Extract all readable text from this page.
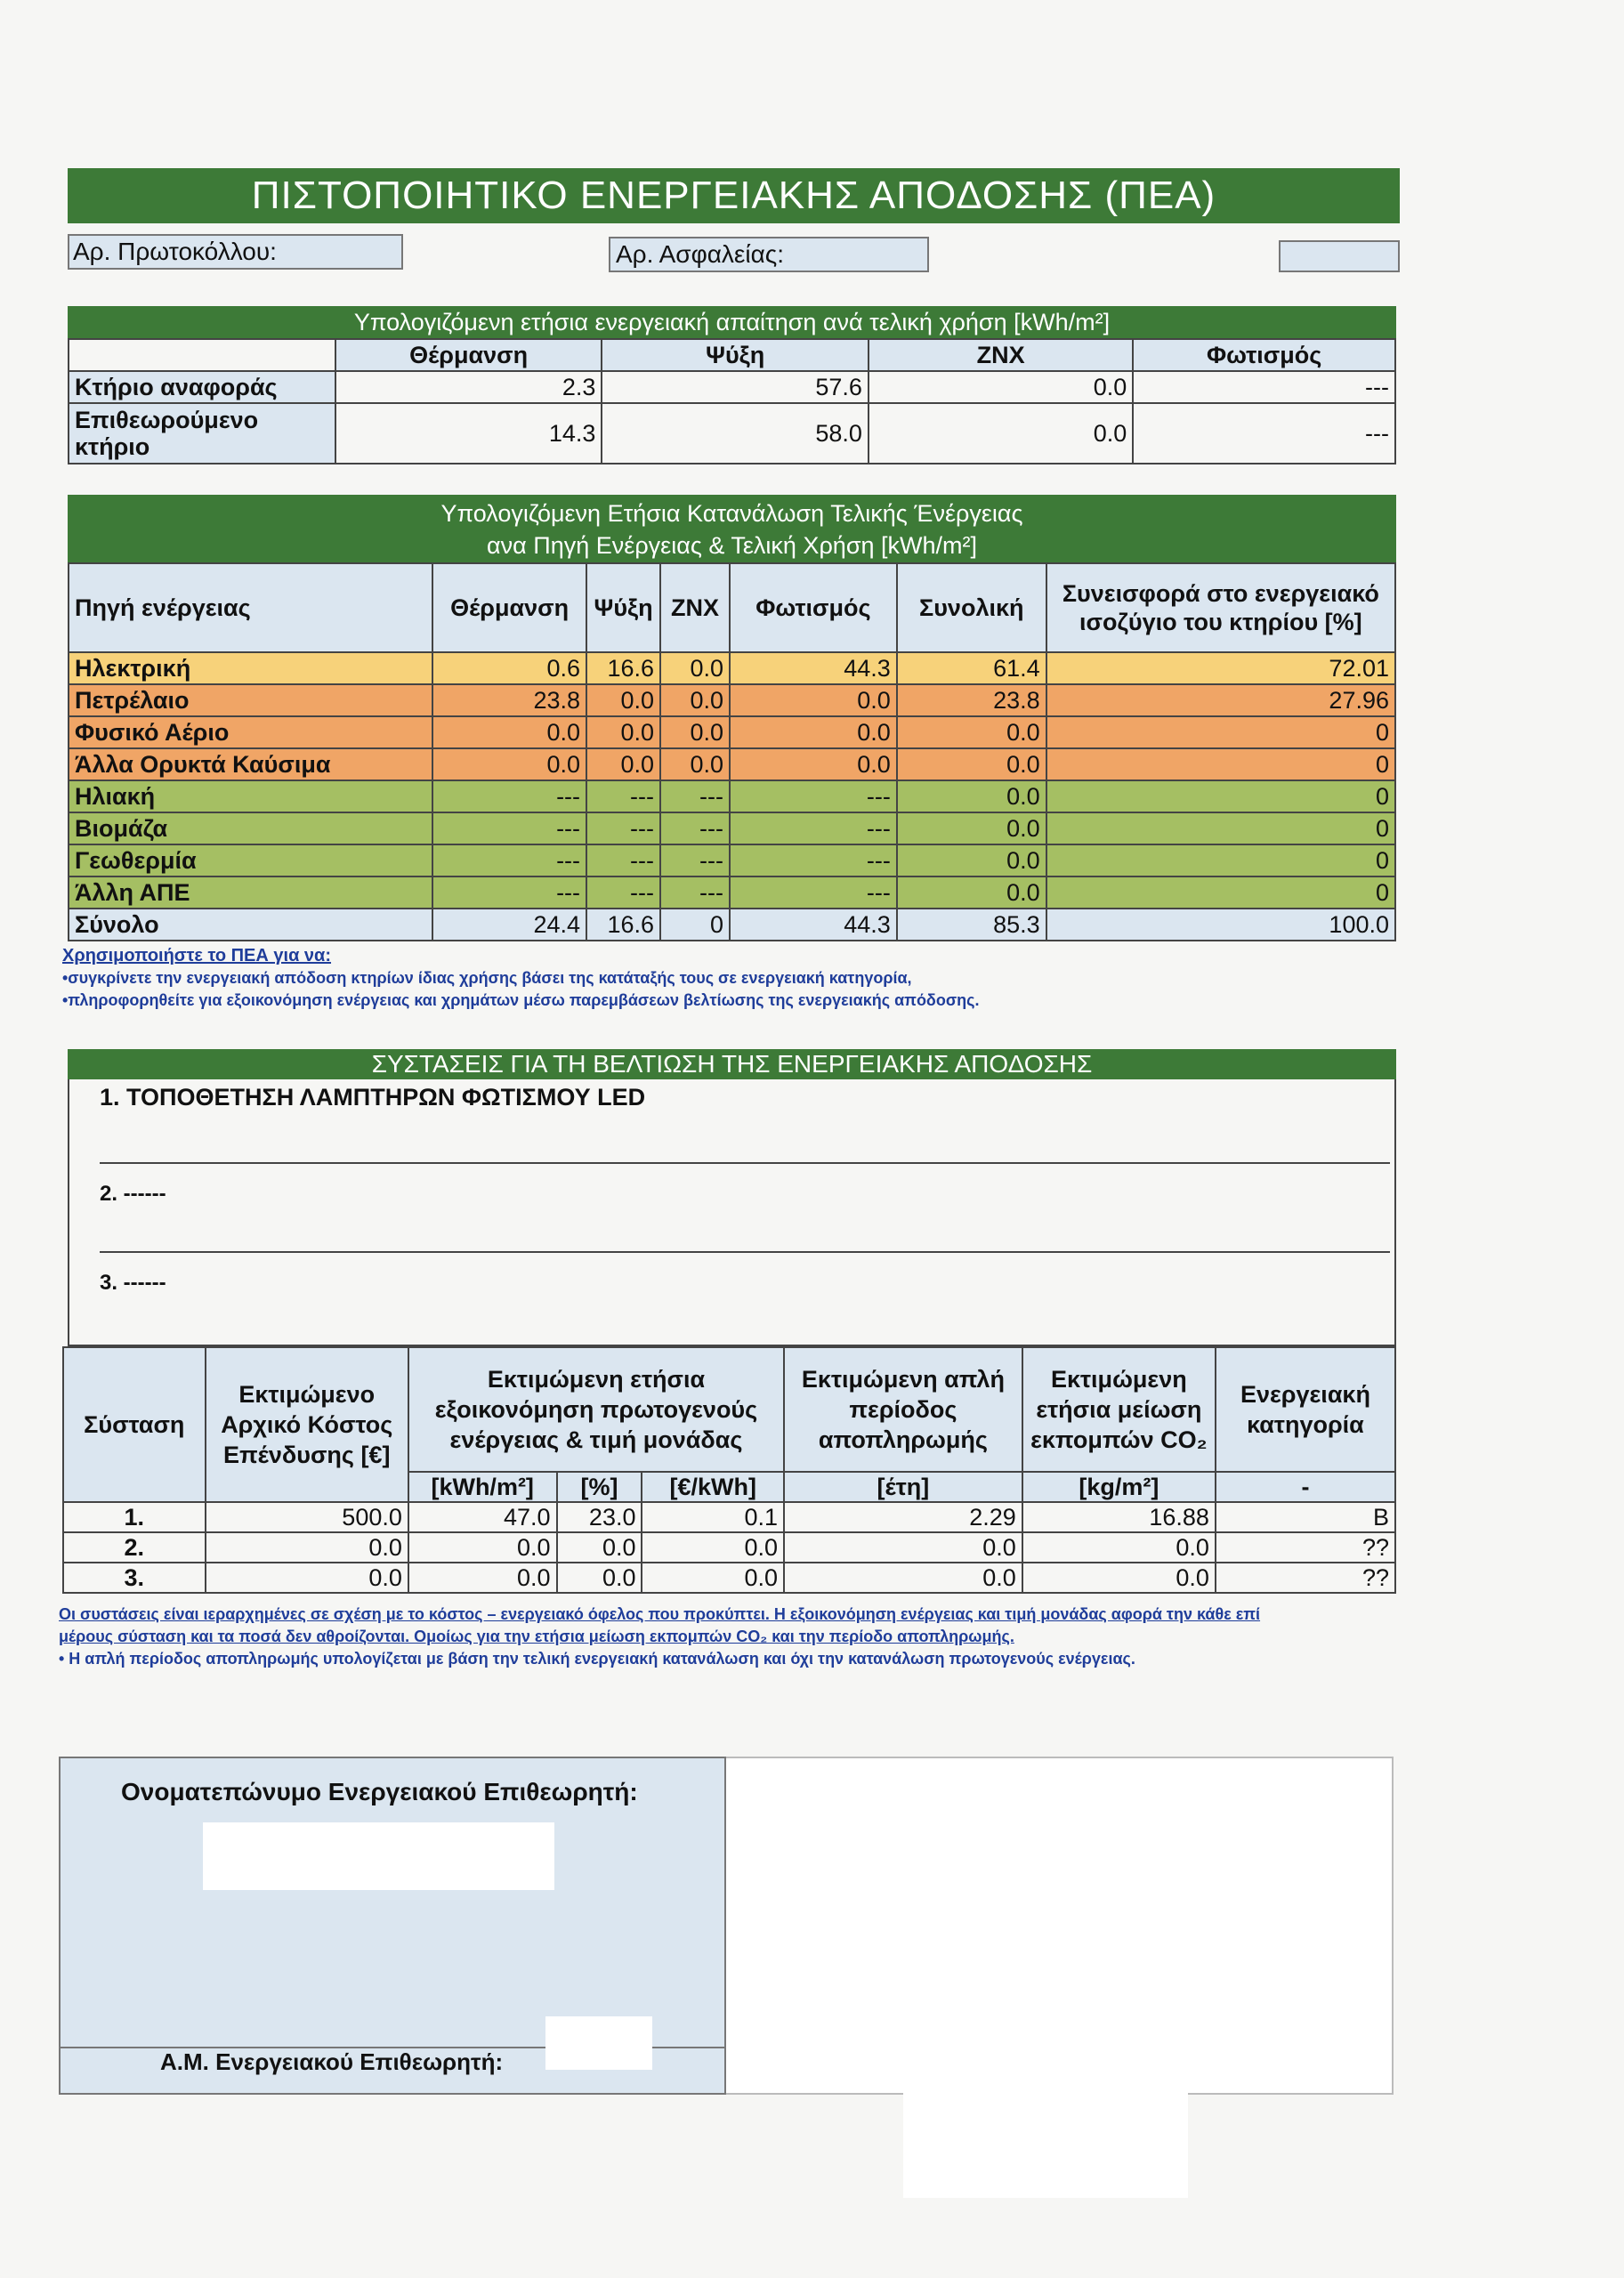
ΠΙΣΤΟΠΟΙΗΤΙΚΟ ΕΝΕΡΓΕΙΑΚΗΣ ΑΠΟΔΟΣΗΣ (ΠΕΑ)
Αρ. Πρωτοκόλλου:	Αρ. Ασφαλείας:
Υπολογιζόμενη ετήσια ενεργειακή απαίτηση ανά τελική χρήση [kWh/m²]
	Θέρμανση	Ψύξη	ΖΝΧ	Φωτισμός
Κτήριο αναφοράς	2.3	57.6	0.0	---
Επιθεωρούμενο κτήριο	14.3	58.0	0.0	---
Υπολογιζόμενη Ετήσια Κατανάλωση Τελικής Ένέργειας
ανα Πηγή Ενέργειας & Τελική Χρήση [kWh/m²]
Πηγή ενέργειας	Θέρμανση	Ψύξη	ΖΝΧ	Φωτισμός	Συνολική	Συνεισφορά στο ενεργειακό ισοζύγιο του κτηρίου [%]
Ηλεκτρική	0.6	16.6	0.0	44.3	61.4	72.01
Πετρέλαιο	23.8	0.0	0.0	0.0	23.8	27.96
Φυσικό Αέριο	0.0	0.0	0.0	0.0	0.0	0
Άλλα Ορυκτά Καύσιμα	0.0	0.0	0.0	0.0	0.0	0
Ηλιακή	---	---	---	---	0.0	0
Βιομάζα	---	---	---	---	0.0	0
Γεωθερμία	---	---	---	---	0.0	0
Άλλη ΑΠΕ	---	---	---	---	0.0	0
Σύνολο	24.4	16.6	0	44.3	85.3	100.0
Χρησιμοποιήστε το ΠΕΑ για να:
•συγκρίνετε την ενεργειακή απόδοση κτηρίων ίδιας χρήσης βάσει της κατάταξής τους σε ενεργειακή κατηγορία,
•πληροφορηθείτε για εξοικονόμηση ενέργειας και χρημάτων μέσω παρεμβάσεων βελτίωσης της ενεργειακής απόδοσης.
ΣΥΣΤΑΣΕΙΣ ΓΙΑ ΤΗ ΒΕΛΤΙΩΣΗ ΤΗΣ ΕΝΕΡΓΕΙΑΚΗΣ ΑΠΟΔΟΣΗΣ
1. ΤΟΠΟΘΕΤΗΣΗ ΛΑΜΠΤΗΡΩΝ ΦΩΤΙΣΜΟΥ LED
2. ------
3. ------
Σύσταση	Εκτιμώμενο Αρχικό Κόστος Επένδυσης [€]	Εκτιμώμενη ετήσια εξοικονόμηση πρωτογενούς ενέργειας & τιμή μονάδας			Εκτιμώμενη απλή περίοδος αποπληρωμής	Εκτιμώμενη ετήσια μείωση εκπομπών CO₂	Ενεργειακή κατηγορία
		[kWh/m²]	[%]	[€/kWh]	[έτη]	[kg/m²]	-
1.	500.0	47.0	23.0	0.1	2.29	16.88	B
2.	0.0	0.0	0.0	0.0	0.0	0.0	??
3.	0.0	0.0	0.0	0.0	0.0	0.0	??
Οι συστάσεις είναι ιεραρχημένες σε σχέση με το κόστος – ενεργειακό όφελος που προκύπτει. Η εξοικονόμηση ενέργειας και τιμή μονάδας αφορά την κάθε επί
μέρους σύσταση και τα ποσά δεν αθροίζονται. Ομοίως για την ετήσια μείωση εκπομπών CO₂ και την περίοδο αποπληρωμής.
• Η απλή περίοδος αποπληρωμής υπολογίζεται με βάση την τελική ενεργειακή κατανάλωση και όχι την κατανάλωση πρωτογενούς ενέργειας.
Ονοματεπώνυμο Ενεργειακού Επιθεωρητή:
Α.Μ. Ενεργειακού Επιθεωρητή:
